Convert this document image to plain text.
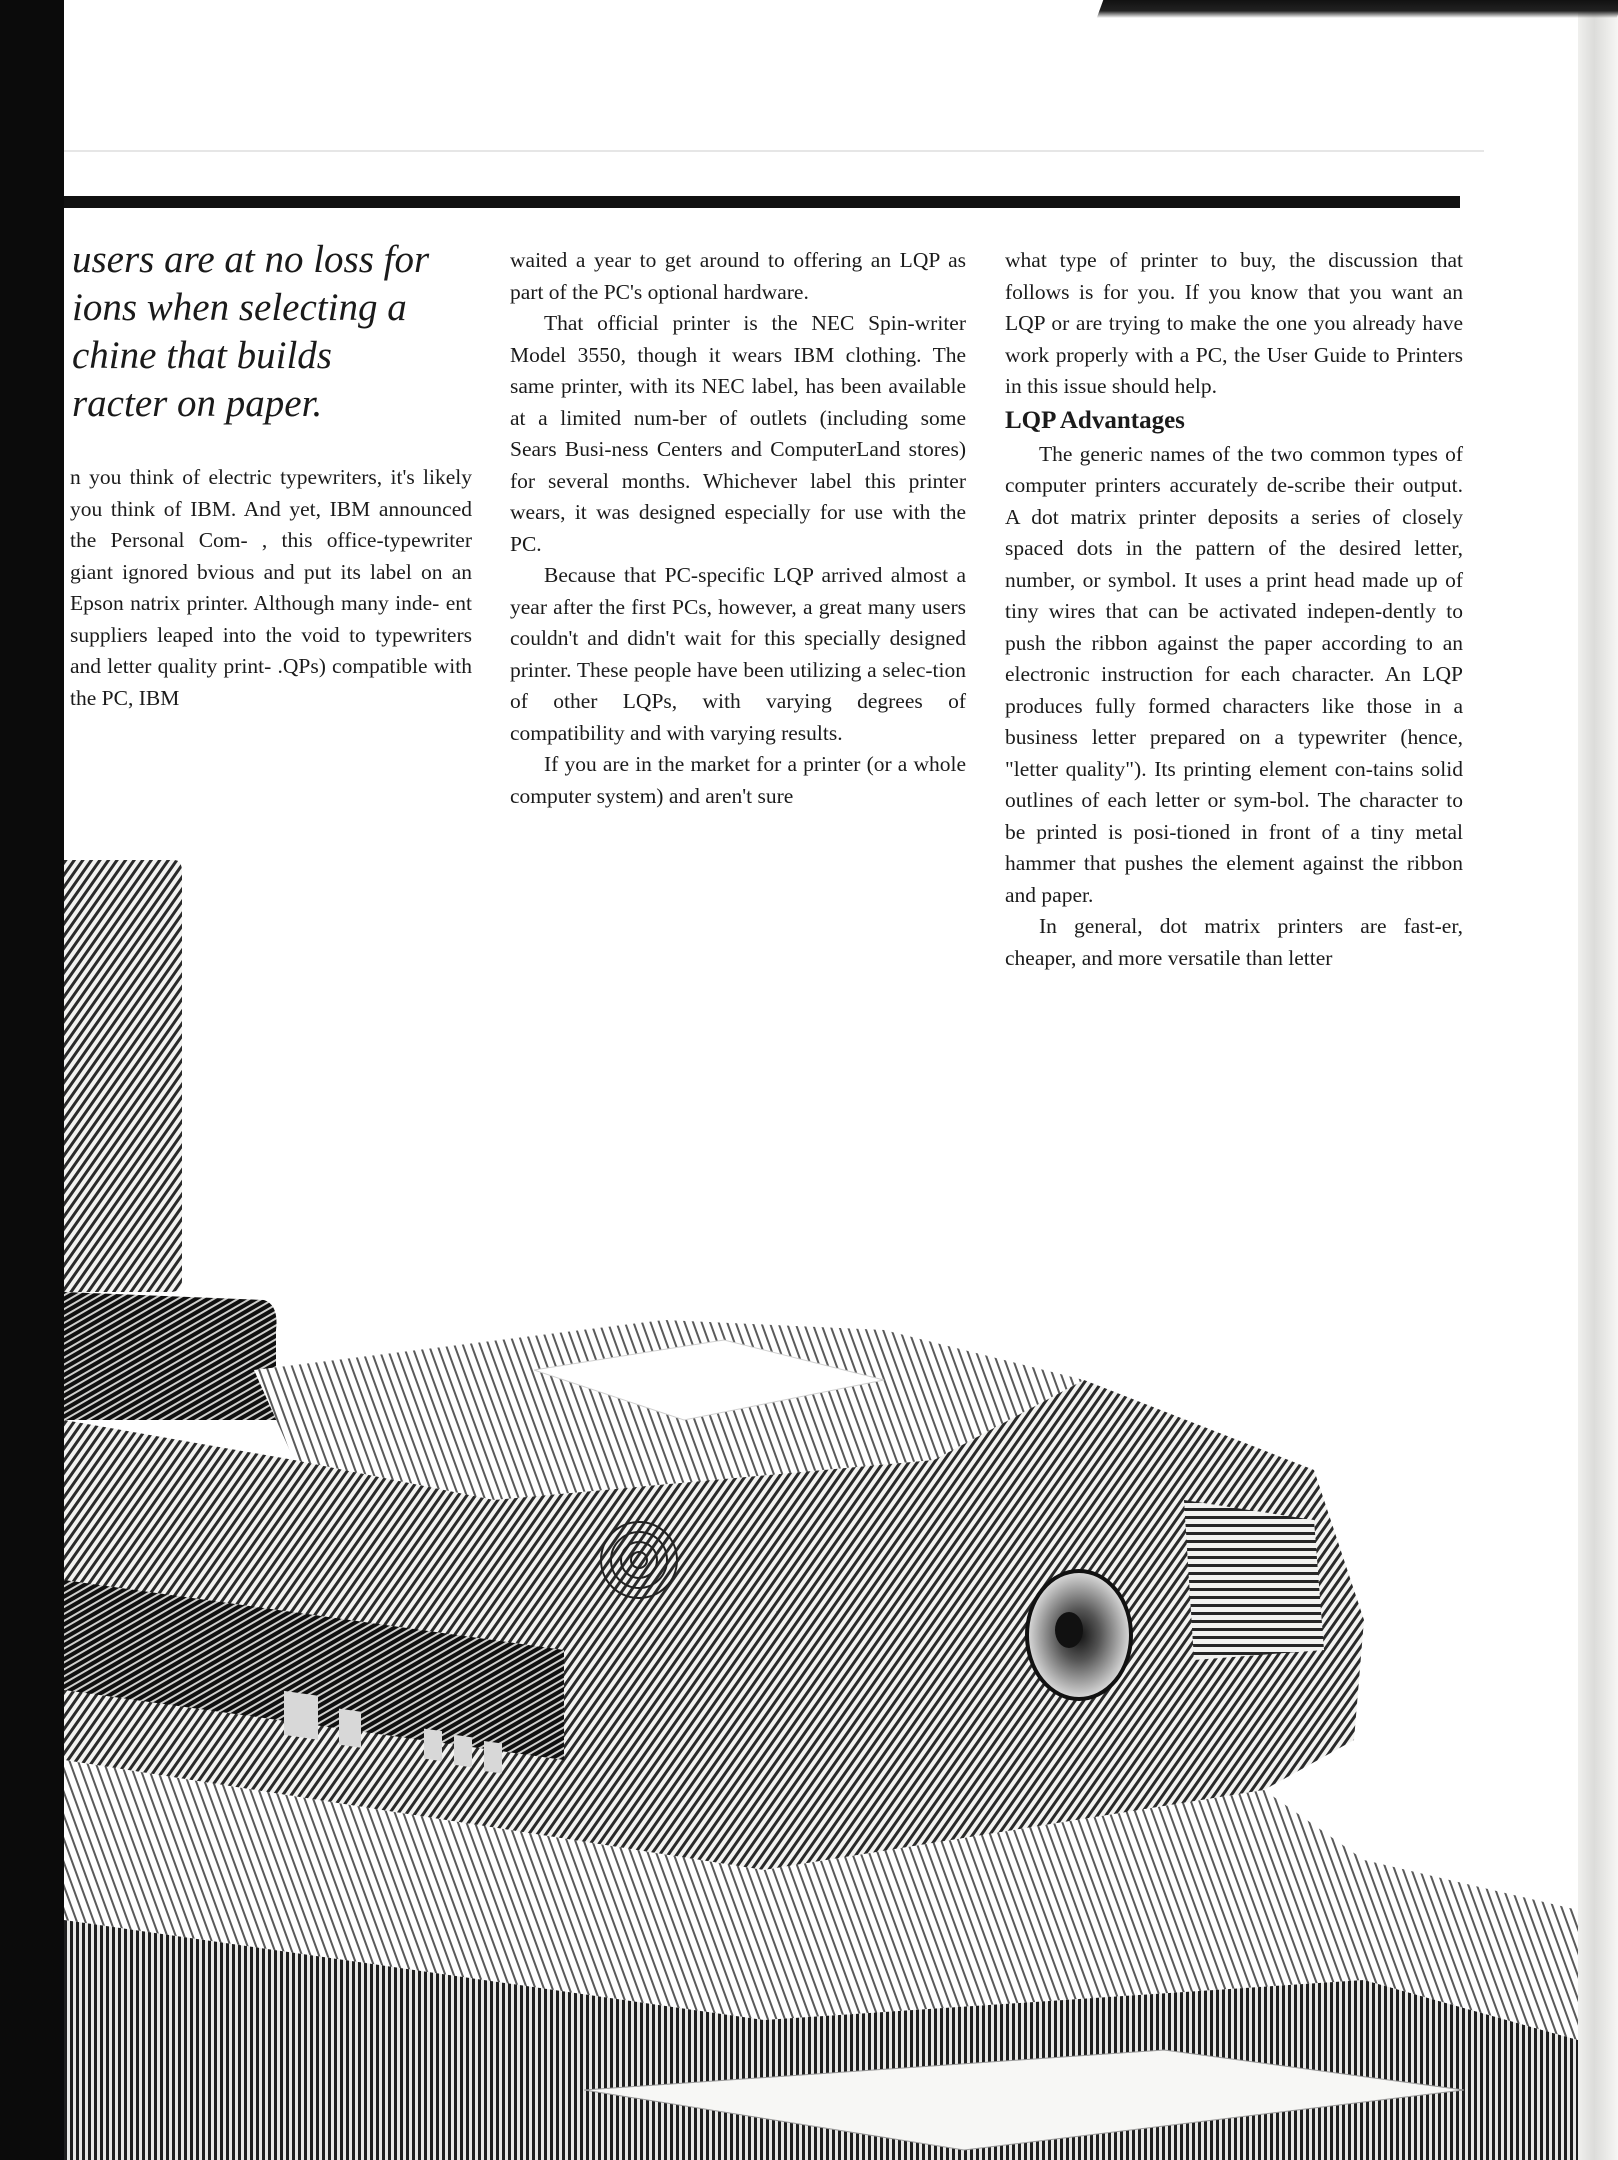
users are at no loss for
ions when selecting a
chine that builds
racter on paper.

n you think of electric typewriters, it's likely you think of IBM. And yet, IBM announced the Personal Com- , this office-typewriter giant ignored bvious and put its label on an Epson natrix printer. Although many inde- ent suppliers leaped into the void to typewriters and letter quality print- .QPs) compatible with the PC, IBM

waited a year to get around to offering an LQP as part of the PC's optional hardware.

That official printer is the NEC Spin-writer Model 3550, though it wears IBM clothing. The same printer, with its NEC label, has been available at a limited num-ber of outlets (including some Sears Busi-ness Centers and ComputerLand stores) for several months. Whichever label this printer wears, it was designed especially for use with the PC.

Because that PC-specific LQP arrived almost a year after the first PCs, however, a great many users couldn't and didn't wait for this specially designed printer. These people have been utilizing a selec-tion of other LQPs, with varying degrees of compatibility and with varying results.

If you are in the market for a printer (or a whole computer system) and aren't sure

what type of printer to buy, the discussion that follows is for you. If you know that you want an LQP or are trying to make the one you already have work properly with a PC, the User Guide to Printers in this issue should help.

LQP Advantages

The generic names of the two common types of computer printers accurately de-scribe their output. A dot matrix printer deposits a series of closely spaced dots in the pattern of the desired letter, number, or symbol. It uses a print head made up of tiny wires that can be activated indepen-dently to push the ribbon against the paper according to an electronic instruction for each character. An LQP produces fully formed characters like those in a business letter prepared on a typewriter (hence, "letter quality"). Its printing element con-tains solid outlines of each letter or sym-bol. The character to be printed is posi-tioned in front of a tiny metal hammer that pushes the element against the ribbon and paper.

In general, dot matrix printers are fast-er, cheaper, and more versatile than letter
